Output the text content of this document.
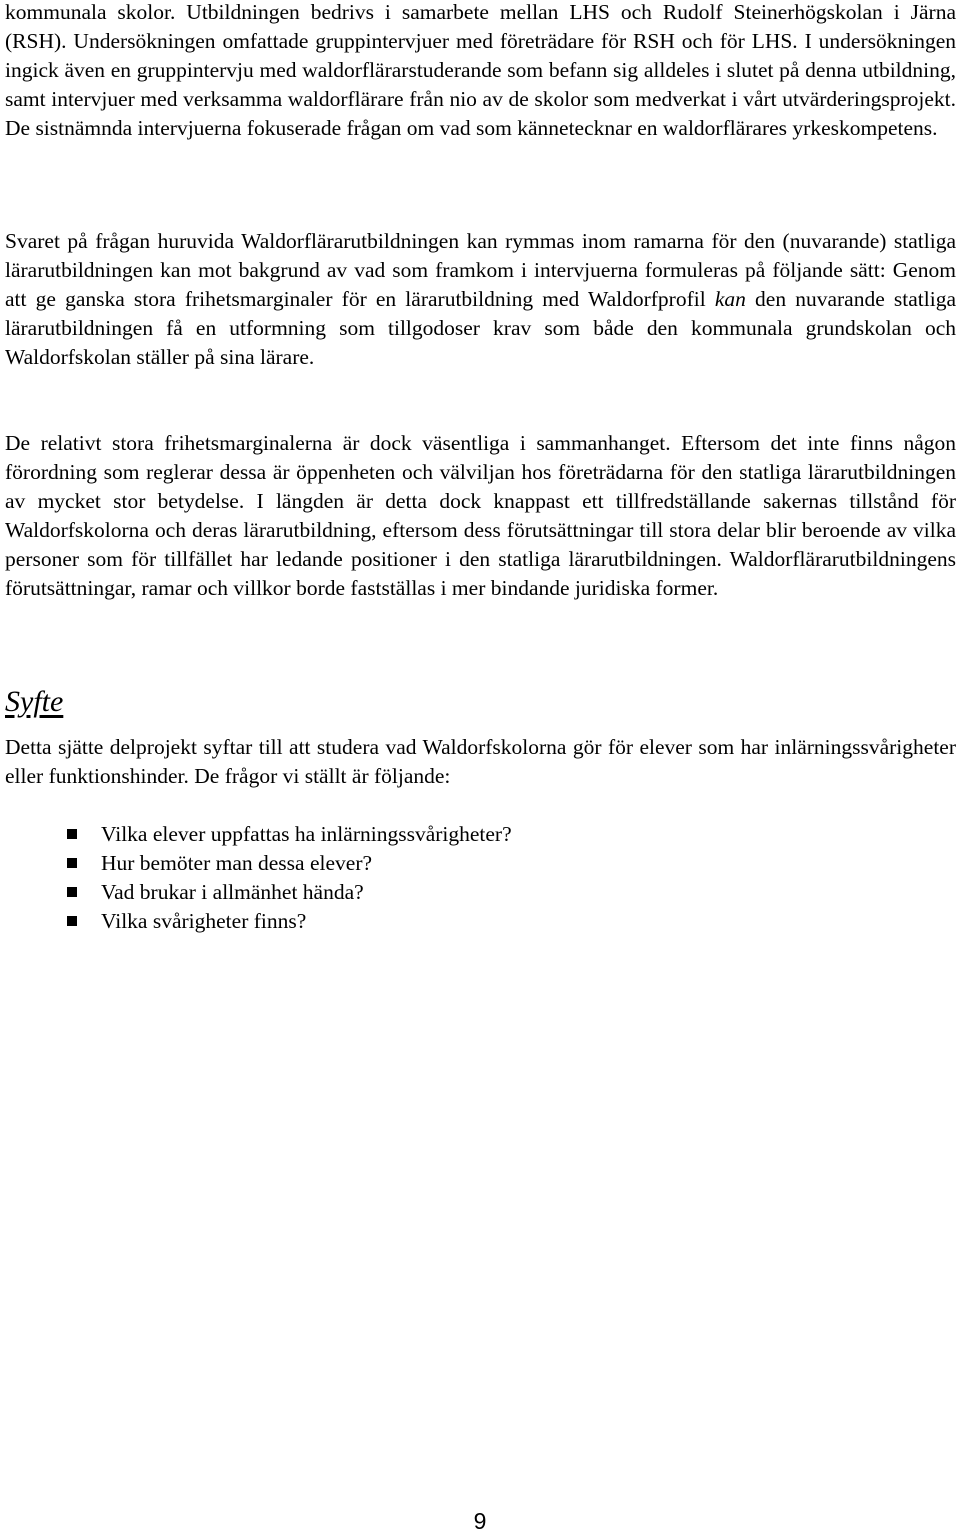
kommunala skolor. Utbildningen bedrivs i samarbete mellan LHS och Rudolf Steinerhögskolan i Järna (RSH). Undersökningen omfattade gruppintervjuer med företrädare för RSH och för LHS. I undersökningen ingick även en gruppintervju med waldorflärarstuderande som befann sig alldeles i slutet på denna utbildning, samt intervjuer med verksamma waldorflärare från nio av de skolor som medverkat i vårt utvärderingsprojekt. De sistnämnda intervjuerna fokuserade frågan om vad som kännetecknar en waldorflärares yrkeskompetens.

Svaret på frågan huruvida Waldorflärarutbildningen kan rymmas inom ramarna för den (nuvarande) statliga lärarutbildningen kan mot bakgrund av vad som framkom i intervjuerna formuleras på följande sätt: Genom att ge ganska stora frihetsmarginaler för en lärarutbildning med Waldorfprofil kan den nuvarande statliga lärarutbildningen få en utformning som tillgodoser krav som både den kommunala grundskolan och Waldorfskolan ställer på sina lärare.

De relativt stora frihetsmarginalerna är dock väsentliga i sammanhanget. Eftersom det inte finns någon förordning som reglerar dessa är öppenheten och välviljan hos företrädarna för den statliga lärarutbildningen av mycket stor betydelse. I längden är detta dock knappast ett tillfredställande sakernas tillstånd för Waldorfskolorna och deras lärarutbildning, eftersom dess förutsättningar till stora delar blir beroende av vilka personer som för tillfället har ledande positioner i den statliga lärarutbildningen. Waldorflärarutbildningens förutsättningar, ramar och villkor borde fastställas i mer bindande juridiska former.

Syfte

Detta sjätte delprojekt syftar till att studera vad Waldorfskolorna gör för elever som har inlärningssvårigheter eller funktionshinder. De frågor vi ställt är följande:

Vilka elever uppfattas ha inlärningssvårigheter?
Hur bemöter man dessa elever?
Vad brukar i allmänhet hända?
Vilka svårigheter finns?
9
